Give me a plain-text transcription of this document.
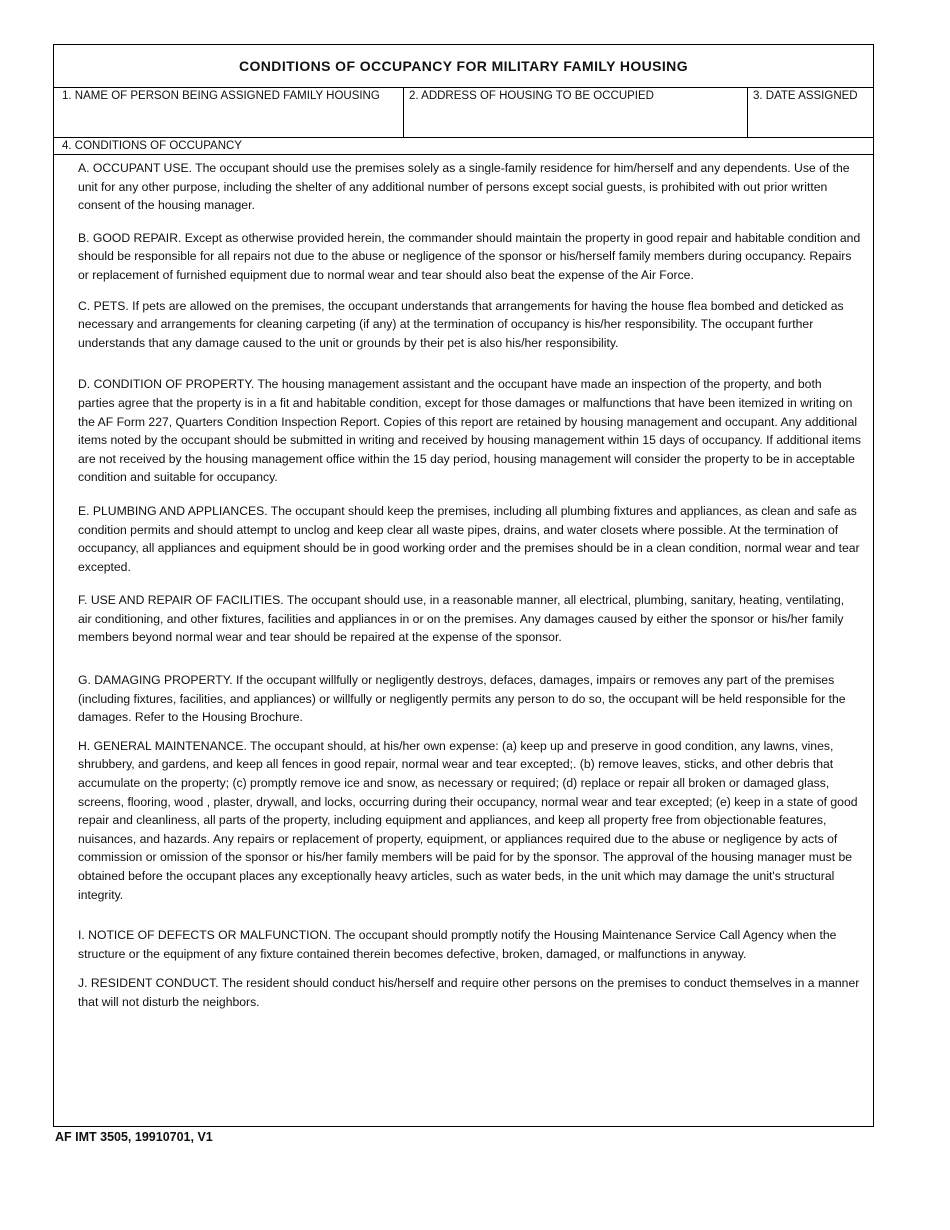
CONDITIONS OF OCCUPANCY FOR MILITARY FAMILY HOUSING
1. NAME OF PERSON BEING ASSIGNED FAMILY HOUSING	2. ADDRESS OF HOUSING TO BE OCCUPIED	3. DATE ASSIGNED
4. CONDITIONS OF OCCUPANCY

A. OCCUPANT USE. The occupant should use the premises solely as a single-family residence for him/herself and any dependents. Use of the unit for any other purpose, including the shelter of any additional number of persons except social guests, is prohibited with out prior written consent of the housing manager.

B. GOOD REPAIR. Except as otherwise provided herein, the commander should maintain the property in good repair and habitable condition and should be responsible for all repairs not due to the abuse or negligence of the sponsor or his/herself family members during occupancy. Repairs or replacement of furnished equipment due to normal wear and tear should also beat the expense of the Air Force.

C. PETS. If pets are allowed on the premises, the occupant understands that arrangements for having the house flea bombed and deticked as necessary and arrangements for cleaning carpeting (if any) at the termination of occupancy is his/her responsibility. The occupant further understands that any damage caused to the unit or grounds by their pet is also his/her responsibility.

D. CONDITION OF PROPERTY. The housing management assistant and the occupant have made an inspection of the property, and both parties agree that the property is in a fit and habitable condition, except for those damages or malfunctions that have been itemized in writing on the AF Form 227, Quarters Condition Inspection Report. Copies of this report are retained by housing management and occupant. Any additional items noted by the occupant should be submitted in writing and received by housing management within 15 days of occupancy. If additional items are not received by the housing management office within the 15 day period, housing management will consider the property to be in acceptable condition and suitable for occupancy.

E. PLUMBING AND APPLIANCES. The occupant should keep the premises, including all plumbing fixtures and appliances, as clean and safe as condition permits and should attempt to unclog and keep clear all waste pipes, drains, and water closets where possible. At the termination of occupancy, all appliances and equipment should be in good working order and the premises should be in a clean condition, normal wear and tear excepted.

F. USE AND REPAIR OF FACILITIES. The occupant should use, in a reasonable manner, all electrical, plumbing, sanitary, heating, ventilating, air conditioning, and other fixtures, facilities and appliances in or on the premises. Any damages caused by either the sponsor or his/her family members beyond normal wear and tear should be repaired at the expense of the sponsor.

G. DAMAGING PROPERTY. If the occupant willfully or negligently destroys, defaces, damages, impairs or removes any part of the premises (including fixtures, facilities, and appliances) or willfully or negligently permits any person to do so, the occupant will be held responsible for the damages. Refer to the Housing Brochure.

H. GENERAL MAINTENANCE. The occupant should, at his/her own expense: (a) keep up and preserve in good condition, any lawns, vines, shrubbery, and gardens, and keep all fences in good repair, normal wear and tear excepted;. (b) remove leaves, sticks, and other debris that accumulate on the property; (c) promptly remove ice and snow, as necessary or required; (d) replace or repair all broken or damaged glass, screens, flooring, wood , plaster, drywall, and locks, occurring during their occupancy, normal wear and tear excepted; (e) keep in a state of good repair and cleanliness, all parts of the property, including equipment and appliances, and keep all property free from objectionable features, nuisances, and hazards. Any repairs or replacement of property, equipment, or appliances required due to the abuse or negligence by acts of commission or omission of the sponsor or his/her family members will be paid for by the sponsor. The approval of the housing manager must be obtained before the occupant places any exceptionally heavy articles, such as water beds, in the unit which may damage the unit's structural integrity.

I. NOTICE OF DEFECTS OR MALFUNCTION. The occupant should promptly notify the Housing Maintenance Service Call Agency when the structure or the equipment of any fixture contained therein becomes defective, broken, damaged, or malfunctions in anyway.

J. RESIDENT CONDUCT. The resident should conduct his/herself and require other persons on the premises to conduct themselves in a manner that will not disturb the neighbors.

AF IMT 3505, 19910701, V1
